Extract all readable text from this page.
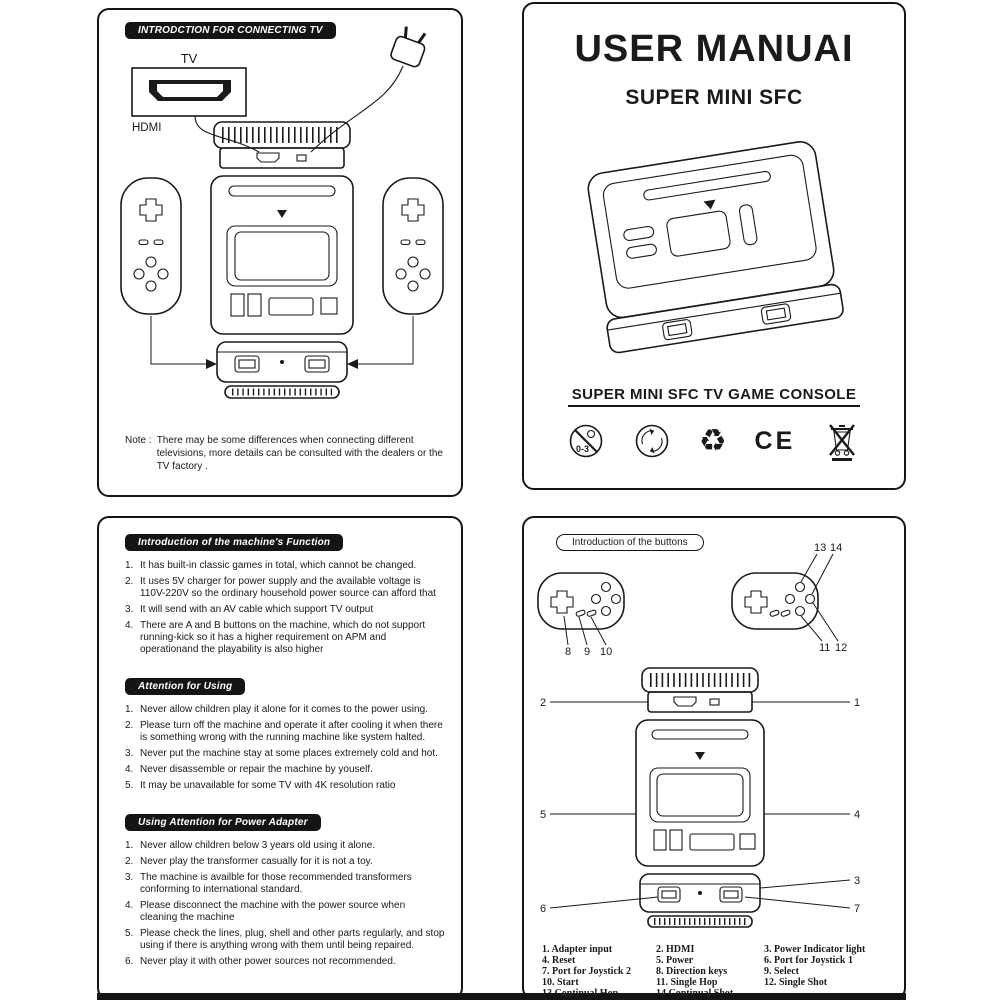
INTRODCTION FOR CONNECTING TV
TV
HDMI
Note : There may be some differences when connecting different televisions, more details can be consulted with the dealers or the TV factory .
USER MANUAI
SUPER MINI SFC
SUPER MINI SFC TV GAME CONSOLE
0-3	♻ CE
Introduction of the machine's Function
1. It has built-in classic games in total, which cannot be changed.
2. It uses 5V charger for power supply and the available voltage is 110V-220V so the ordinary household power source can afford that
3. It will send with an AV cable which support TV output
4. There are A and B buttons on the machine, which do not support running-kick so it has a higher requirement on APM and operationand the playability is also higher
Attention for Using
1. Never allow children play it alone for it comes to the power using.
2. Please turn off the machine and operate it after cooling it when there is something wrong with the running machine like system halted.
3. Never put the machine stay at some places extremely cold and hot.
4. Never disassemble or repair the machine by youself.
5. It may be unavailable for some TV with 4K resolution ratio
Using Attention for Power Adapter
1. Never allow children below 3 years old using it alone.
2. Never play the transformer casually for it is not a toy.
3. The machine is availble for those recommended transformers conforming to international standard.
4. Please disconnect the machine with the power source when cleaning the machine
5. Please check the lines, plug, shell and other parts regularly, and stop using if there is anything wrong with them until being repaired.
6. Never play it with other power sources not recommended.
Introduction of the buttons	13 14
11 12
8 9 10
2	1
5	4
3
6	7
1. Adapter input	2. HDMI	3. Power Indicator light
4. Reset	5. Power	6. Port for Joystick 1
7. Port for Joystick 2	8. Direction keys	9. Select
10. Start	11. Single Hop	12. Single Shot
